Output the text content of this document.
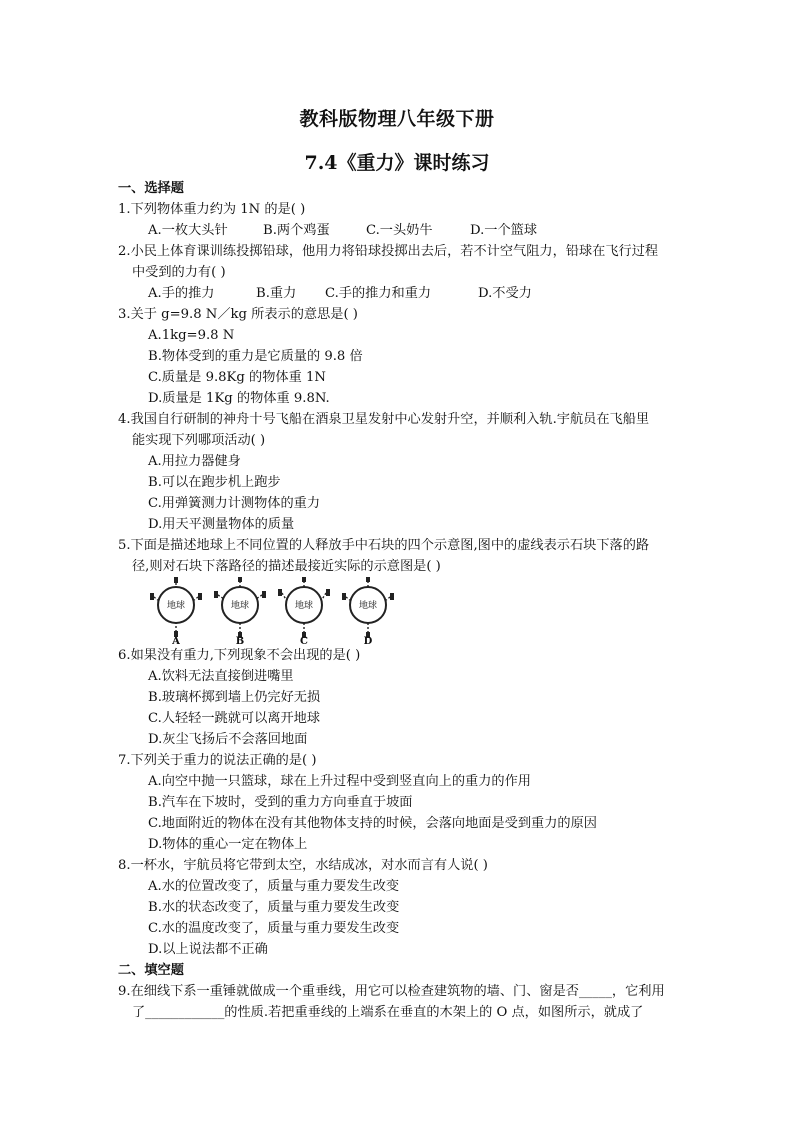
教科版物理八年级下册
7.4《重力》课时练习
一、选择题
1.下列物体重力约为 1N 的是( )
A.一枚大头针	B.两个鸡蛋	C.一头奶牛	D.一个篮球
2.小民上体育课训练投掷铅球，他用力将铅球投掷出去后，若不计空气阻力，铅球在飞行过程
中受到的力有( )
A.手的推力	B.重力	C.手的推力和重力	D.不受力
3.关于 g=9.8 N／kg 所表示的意思是( )
A.1kg=9.8 N
B.物体受到的重力是它质量的 9.8 倍
C.质量是 9.8Kg 的物体重 1N
D.质量是 1Kg 的物体重 9.8N.
4.我国自行研制的神舟十号飞船在酒泉卫星发射中心发射升空，并顺利入轨.宇航员在飞船里
能实现下列哪项活动( )
A.用拉力器健身
B.可以在跑步机上跑步
C.用弹簧测力计测物体的重力
D.用天平测量物体的质量
5.下面是描述地球上不同位置的人释放手中石块的四个示意图,图中的虚线表示石块下落的路
径,则对石块下落路径的描述最接近实际的示意图是( )
地球	地球	地球	地球
A	B	C	D
6.如果没有重力,下列现象不会出现的是( )
A.饮料无法直接倒进嘴里
B.玻璃杯掷到墙上仍完好无损
C.人轻轻一跳就可以离开地球
D.灰尘飞扬后不会落回地面
7.下列关于重力的说法正确的是( )
A.向空中抛一只篮球，球在上升过程中受到竖直向上的重力的作用
B.汽车在下坡时，受到的重力方向垂直于坡面
C.地面附近的物体在没有其他物体支持的时候，会落向地面是受到重力的原因
D.物体的重心一定在物体上
8.一杯水，宇航员将它带到太空，水结成冰，对水而言有人说( )
A.水的位置改变了，质量与重力要发生改变
B.水的状态改变了，质量与重力要发生改变
C.水的温度改变了，质量与重力要发生改变
D.以上说法都不正确
二、填空题
9.在细线下系一重锤就做成一个重垂线，用它可以检查建筑物的墙、门、窗是否_____，它利用
了____________的性质.若把重垂线的上端系在垂直的木架上的 O 点，如图所示，就成了
